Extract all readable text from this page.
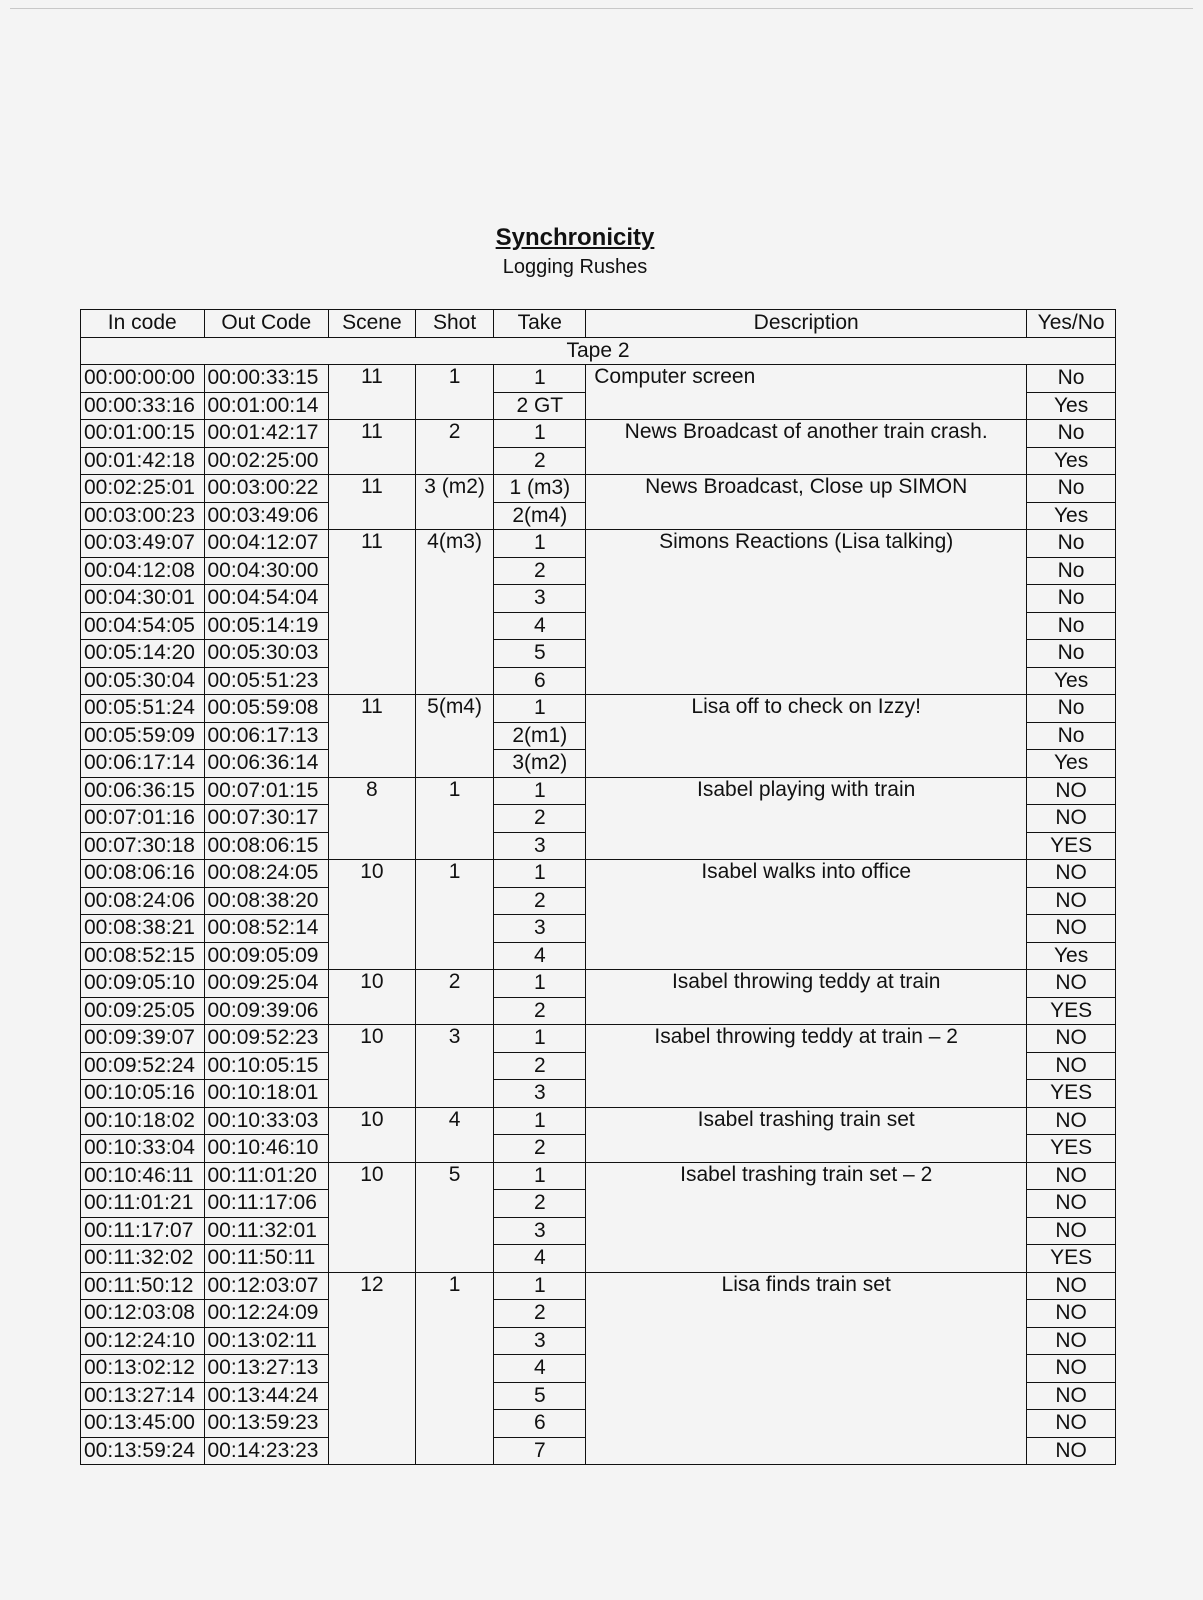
Synchronicity
Logging Rushes
In code	Out Code	Scene	Shot	Take	Description	Yes/No
Tape 2						
00:00:00:00	00:00:33:15	11	1	1	Computer screen	No
00:00:33:16	00:01:00:14			2 GT		Yes
00:01:00:15	00:01:42:17	11	2	1	News Broadcast of another train crash.	No
00:01:42:18	00:02:25:00			2		Yes
00:02:25:01	00:03:00:22	11	3 (m2)	1 (m3)	News Broadcast, Close up SIMON	No
00:03:00:23	00:03:49:06			2(m4)		Yes
00:03:49:07	00:04:12:07	11	4(m3)	1	Simons Reactions (Lisa talking)	No
00:04:12:08	00:04:30:00			2		No
00:04:30:01	00:04:54:04			3		No
00:04:54:05	00:05:14:19			4		No
00:05:14:20	00:05:30:03			5		No
00:05:30:04	00:05:51:23			6		Yes
00:05:51:24	00:05:59:08	11	5(m4)	1	Lisa off to check on Izzy!	No
00:05:59:09	00:06:17:13			2(m1)		No
00:06:17:14	00:06:36:14			3(m2)		Yes
00:06:36:15	00:07:01:15	8	1	1	Isabel playing with train	NO
00:07:01:16	00:07:30:17			2		NO
00:07:30:18	00:08:06:15			3		YES
00:08:06:16	00:08:24:05	10	1	1	Isabel walks into office	NO
00:08:24:06	00:08:38:20			2		NO
00:08:38:21	00:08:52:14			3		NO
00:08:52:15	00:09:05:09			4		Yes
00:09:05:10	00:09:25:04	10	2	1	Isabel throwing teddy at train	NO
00:09:25:05	00:09:39:06			2		YES
00:09:39:07	00:09:52:23	10	3	1	Isabel throwing teddy at train – 2	NO
00:09:52:24	00:10:05:15			2		NO
00:10:05:16	00:10:18:01			3		YES
00:10:18:02	00:10:33:03	10	4	1	Isabel trashing train set	NO
00:10:33:04	00:10:46:10			2		YES
00:10:46:11	00:11:01:20	10	5	1	Isabel trashing train set – 2	NO
00:11:01:21	00:11:17:06			2		NO
00:11:17:07	00:11:32:01			3		NO
00:11:32:02	00:11:50:11			4		YES
00:11:50:12	00:12:03:07	12	1	1	Lisa finds train set	NO
00:12:03:08	00:12:24:09			2		NO
00:12:24:10	00:13:02:11			3		NO
00:13:02:12	00:13:27:13			4		NO
00:13:27:14	00:13:44:24			5		NO
00:13:45:00	00:13:59:23			6		NO
00:13:59:24	00:14:23:23			7		NO
